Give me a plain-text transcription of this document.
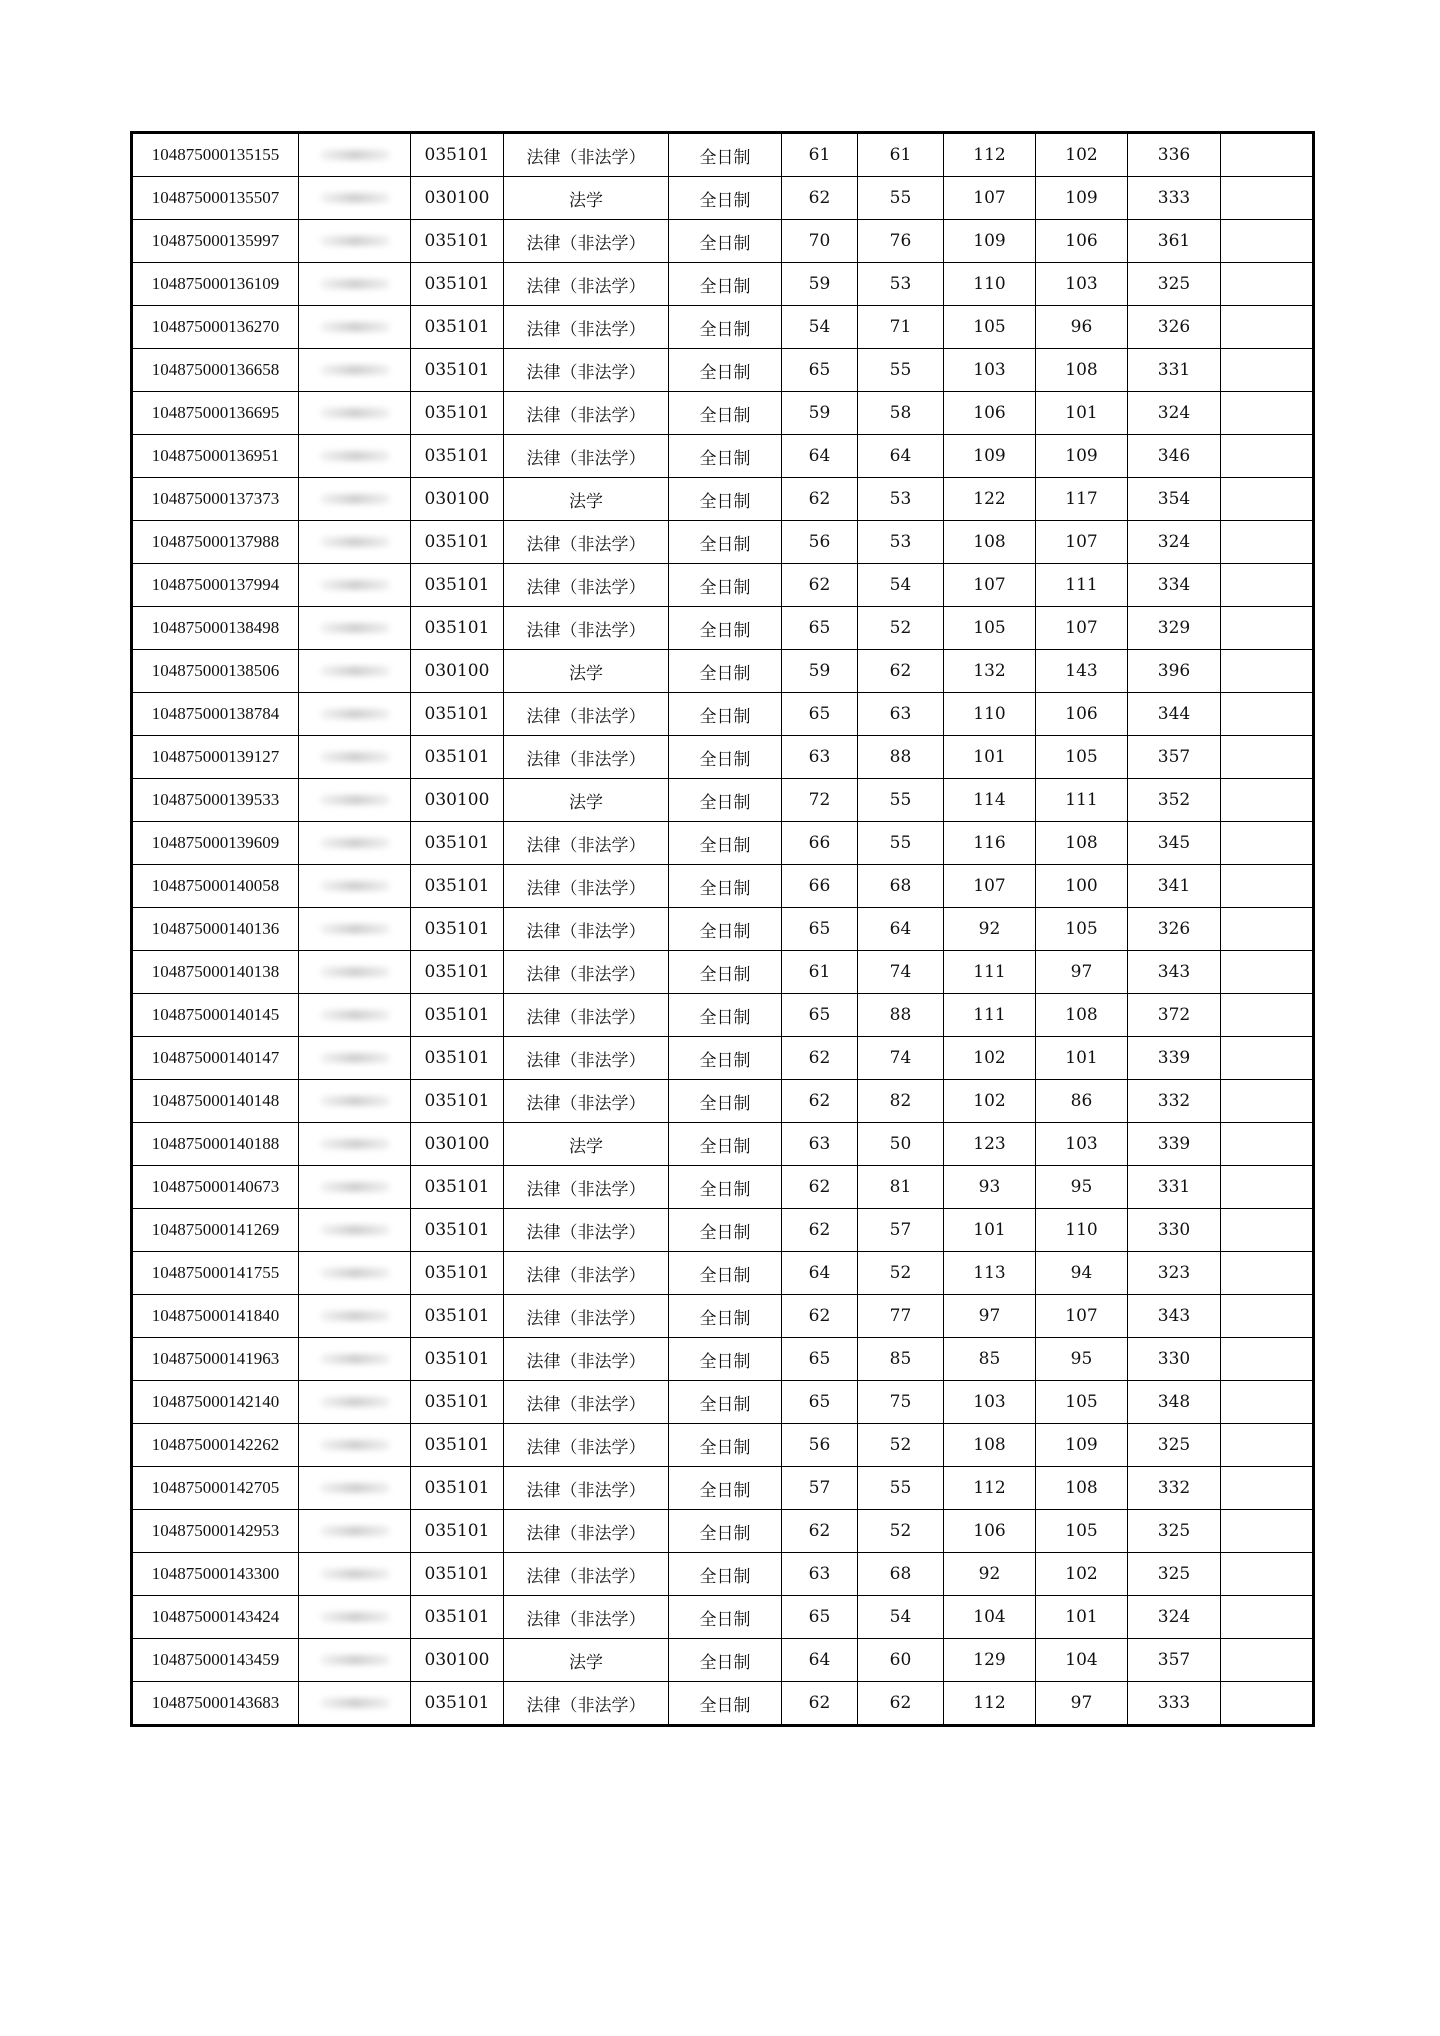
104875000135155		035101	法律（非法学）	全日制	61	61	112	102	336	
104875000135507		030100	法学	全日制	62	55	107	109	333	
104875000135997		035101	法律（非法学）	全日制	70	76	109	106	361	
104875000136109		035101	法律（非法学）	全日制	59	53	110	103	325	
104875000136270		035101	法律（非法学）	全日制	54	71	105	96	326	
104875000136658		035101	法律（非法学）	全日制	65	55	103	108	331	
104875000136695		035101	法律（非法学）	全日制	59	58	106	101	324	
104875000136951		035101	法律（非法学）	全日制	64	64	109	109	346	
104875000137373		030100	法学	全日制	62	53	122	117	354	
104875000137988		035101	法律（非法学）	全日制	56	53	108	107	324	
104875000137994		035101	法律（非法学）	全日制	62	54	107	111	334	
104875000138498		035101	法律（非法学）	全日制	65	52	105	107	329	
104875000138506		030100	法学	全日制	59	62	132	143	396	
104875000138784		035101	法律（非法学）	全日制	65	63	110	106	344	
104875000139127		035101	法律（非法学）	全日制	63	88	101	105	357	
104875000139533		030100	法学	全日制	72	55	114	111	352	
104875000139609		035101	法律（非法学）	全日制	66	55	116	108	345	
104875000140058		035101	法律（非法学）	全日制	66	68	107	100	341	
104875000140136		035101	法律（非法学）	全日制	65	64	92	105	326	
104875000140138		035101	法律（非法学）	全日制	61	74	111	97	343	
104875000140145		035101	法律（非法学）	全日制	65	88	111	108	372	
104875000140147		035101	法律（非法学）	全日制	62	74	102	101	339	
104875000140148		035101	法律（非法学）	全日制	62	82	102	86	332	
104875000140188		030100	法学	全日制	63	50	123	103	339	
104875000140673		035101	法律（非法学）	全日制	62	81	93	95	331	
104875000141269		035101	法律（非法学）	全日制	62	57	101	110	330	
104875000141755		035101	法律（非法学）	全日制	64	52	113	94	323	
104875000141840		035101	法律（非法学）	全日制	62	77	97	107	343	
104875000141963		035101	法律（非法学）	全日制	65	85	85	95	330	
104875000142140		035101	法律（非法学）	全日制	65	75	103	105	348	
104875000142262		035101	法律（非法学）	全日制	56	52	108	109	325	
104875000142705		035101	法律（非法学）	全日制	57	55	112	108	332	
104875000142953		035101	法律（非法学）	全日制	62	52	106	105	325	
104875000143300		035101	法律（非法学）	全日制	63	68	92	102	325	
104875000143424		035101	法律（非法学）	全日制	65	54	104	101	324	
104875000143459		030100	法学	全日制	64	60	129	104	357	
104875000143683		035101	法律（非法学）	全日制	62	62	112	97	333	
